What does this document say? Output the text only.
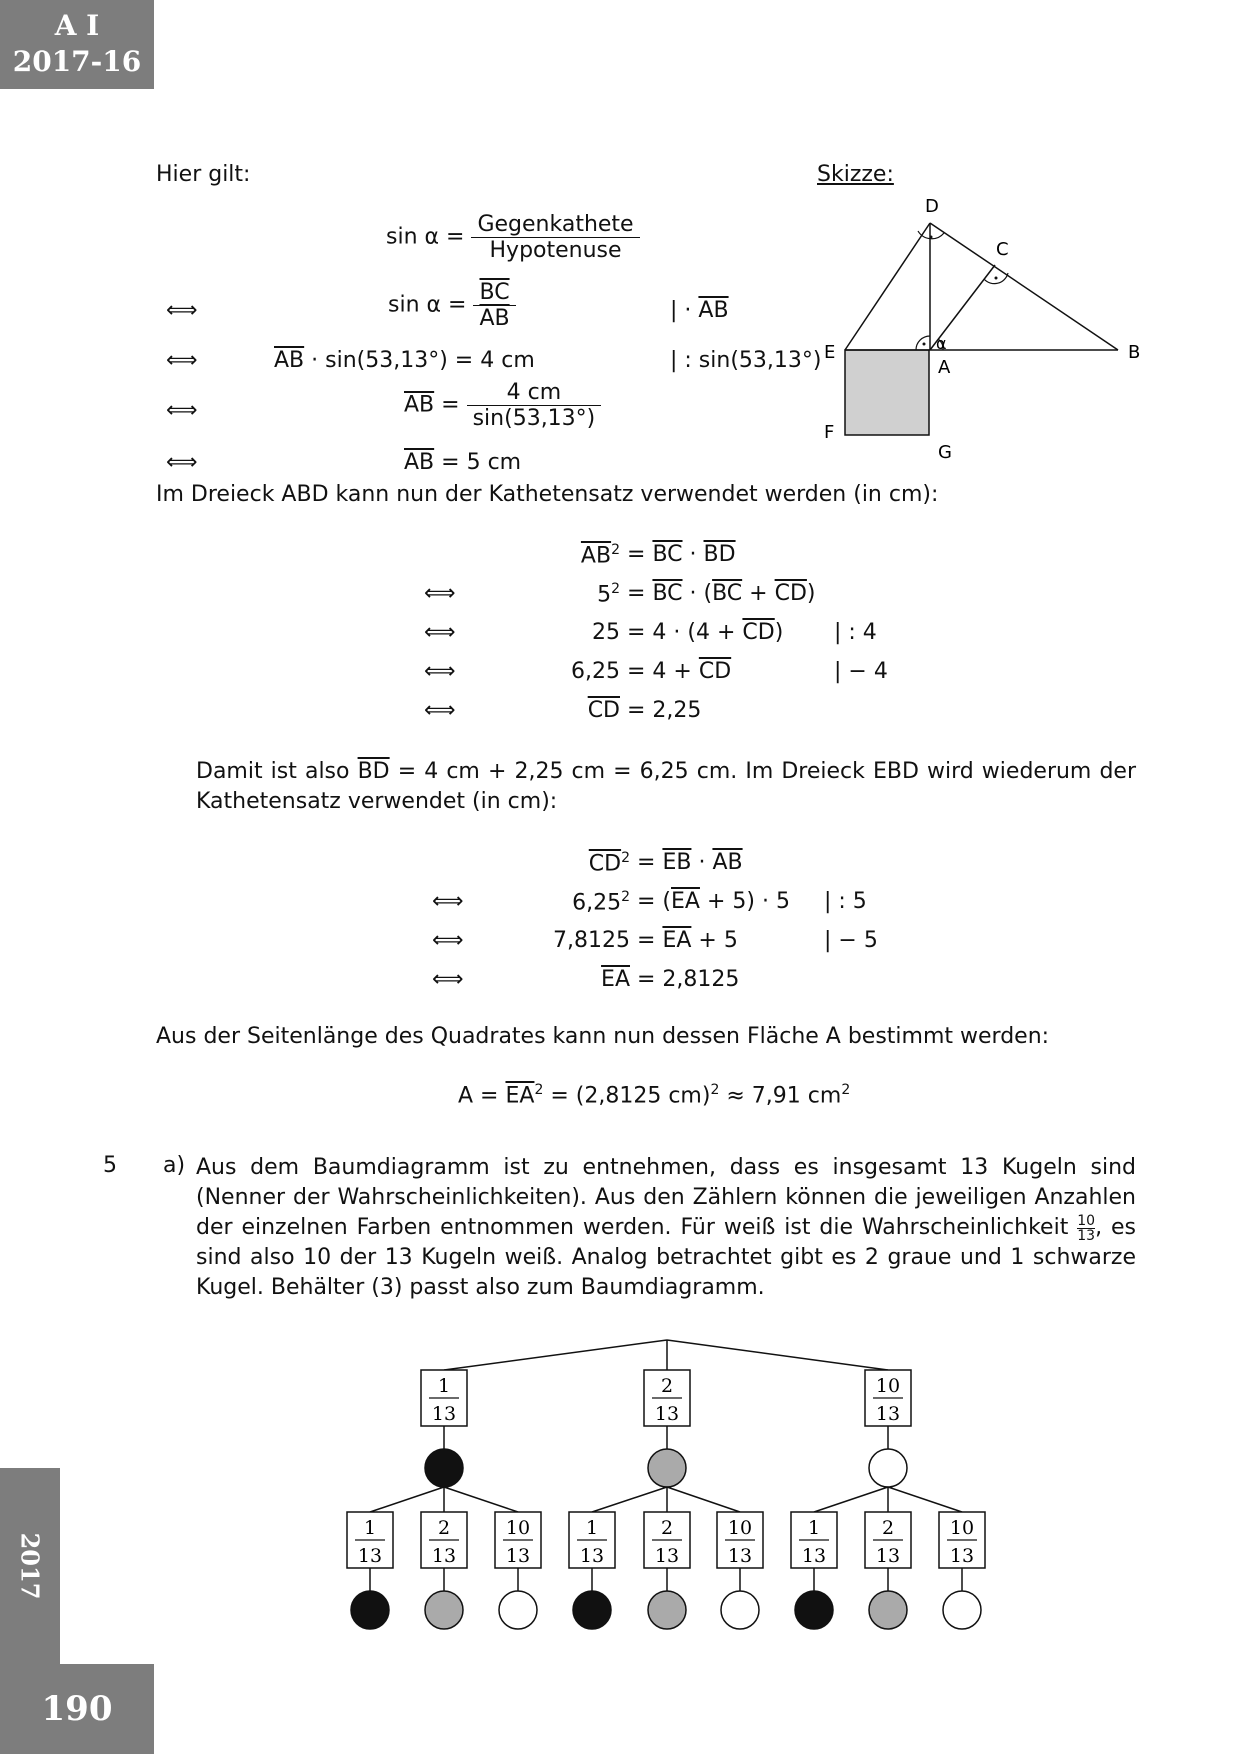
A I
2017-16
2017
190
Hier gilt:	Skizze:
$\sin \alpha = \frac{\text{Gegenkathete}}{\text{Hypotenuse}}$
⟺	$\sin \alpha = \frac{\overline{BC}}{AB}$	| · $\overline{AB}$
⟺	$\overline{AB} \cdot \sin(53,13^\circ) = 4$ cm	| : sin(53,13°)
⟺	$\overline{AB} = \frac{4 cm}{\sin(53,13^\circ)}$
⟺	$\overline{AB} = 5$ cm
Im Dreieck ABD kann nun der Kathetensatz verwendet werden (in cm):
D
C
E
A
B
F
G
α
$\overline{AB}^2 = \overline{BC} \cdot \overline{BD}$
⟺	$5^2 = \overline{BC} \cdot (\overline{BC} + \overline{CD})$
⟺	$25 = 4 \cdot (4 + \overline{CD})$ | : 4
⟺	$6,25 = 4 + \overline{CD}$	| − 4
⟺	$\overline{CD} = 2,25$
Damit ist also $\overline{BD} = 4$ cm + 2,25 cm = 6,25 cm. Im Dreieck EBD wird wiederum der Kathetensatz verwendet (in cm):
$\overline{CD}^2 = \overline{EB} \cdot \overline{AB}$
⟺	$6,25^2 = (\overline{EA} + 5) \cdot 5$ | : 5
⟺	$7,8125 = \overline{EA} + 5$	| − 5
⟺	$\overline{EA} = 2,8125$
Aus der Seitenlänge des Quadrates kann nun dessen Fläche A bestimmt werden:
$A = \overline{EA}^2 = (2,8125$ cm)$^2$ ≈ 7,91 $cm^2$
5 a) Aus dem Baumdiagramm ist zu entnehmen, dass es insgesamt 13 Kugeln sind (Nenner der Wahrscheinlichkeiten). Aus den Zählern können die jeweiligen Anzahlen der einzelnen Farben entnommen werden. Für weiß ist die Wahrscheinlichkeit $\frac{10}{13}$, es sind also 10 der 13 Kugeln weiß. Analog betrachtet gibt es 2 graue und 1 schwarze Kugel. Behälter (3) passt also zum Baumdiagramm.
1
13
2
13
10
13
1
13
2
13
10
13
1
13
2
13
10
13
1
13
2
13
10
13
